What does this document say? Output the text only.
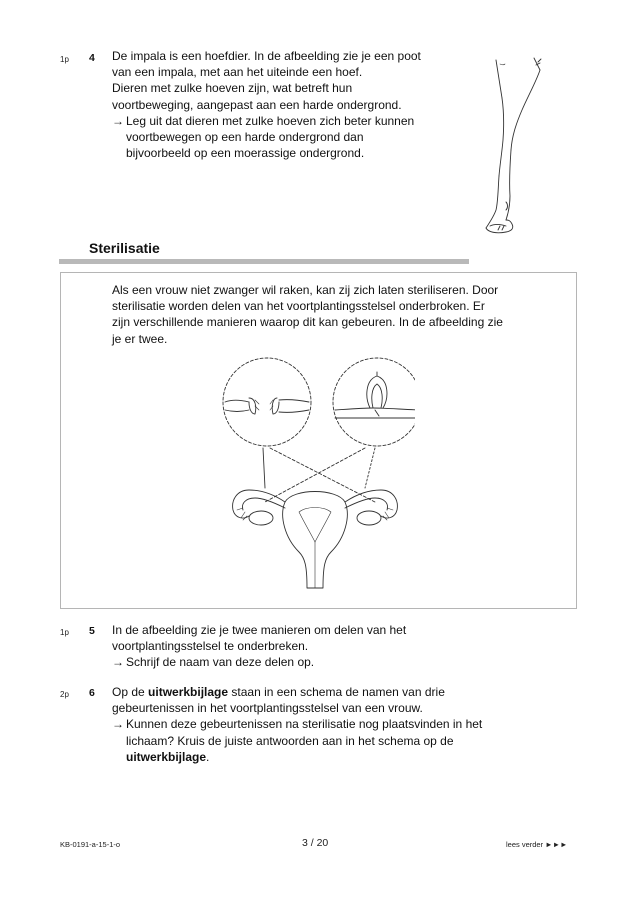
1p 4 De impala is een hoefdier. In de afbeelding zie je een poot

van een impala, met aan het uiteinde een hoef.

Dieren met zulke hoeven zijn, wat betreft hun

voortbeweging, aangepast aan een harde ondergrond.

→ Leg uit dat dieren met zulke hoeven zich beter kunnen

voortbewegen op een harde ondergrond dan

bijvoorbeeld op een moerassige ondergrond.

Sterilisatie

Als een vrouw niet zwanger wil raken, kan zij zich laten steriliseren. Door

sterilisatie worden delen van het voortplantingsstelsel onderbroken. Er

zijn verschillende manieren waarop dit kan gebeuren. In de afbeelding zie

je er twee.

1p 5 In de afbeelding zie je twee manieren om delen van het

voortplantingsstelsel te onderbreken.

→ Schrijf de naam van deze delen op.

2p 6 Op de uitwerkbijlage staan in een schema de namen van drie

gebeurtenissen in het voortplantingsstelsel van een vrouw.

→ Kunnen deze gebeurtenissen na sterilisatie nog plaatsvinden in het

lichaam? Kruis de juiste antwoorden aan in het schema op de

uitwerkbijlage.

KB-0191-a-15-1-o	3 / 20	lees verder ►►►
